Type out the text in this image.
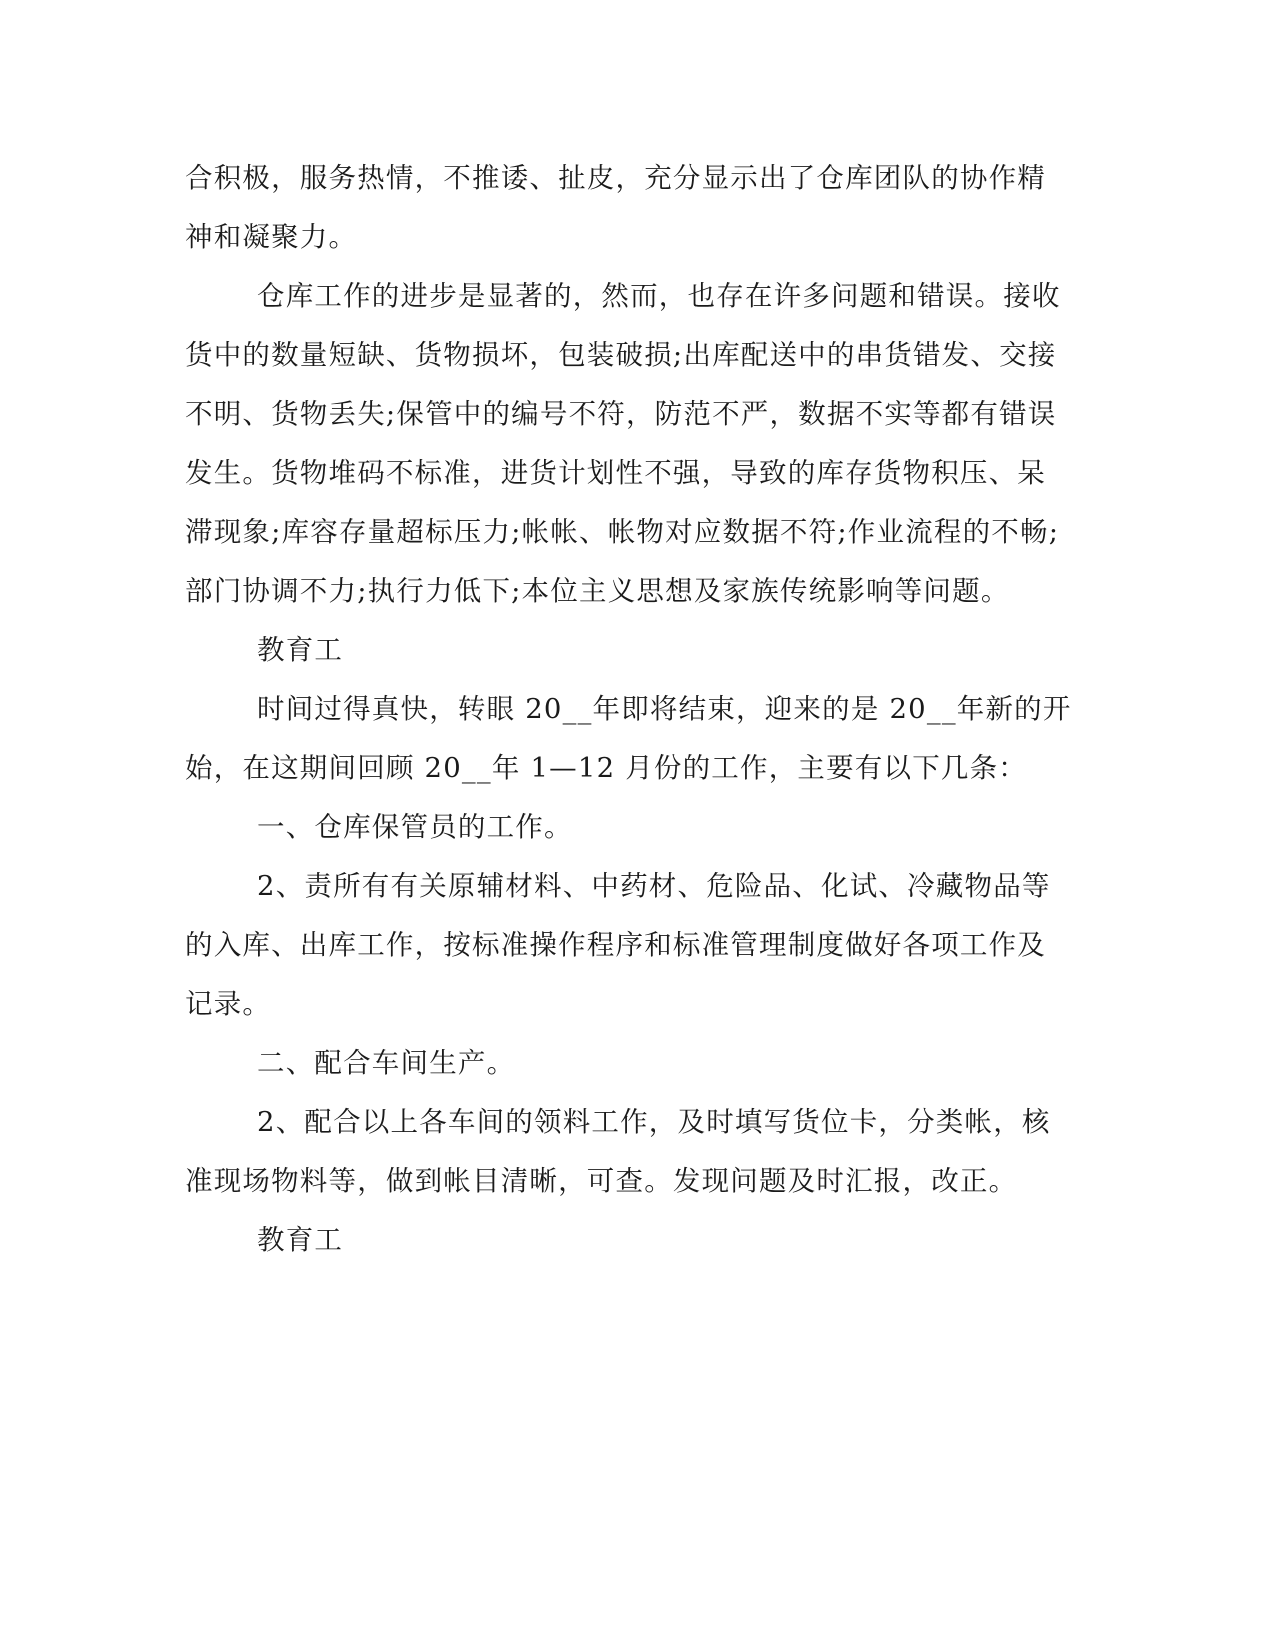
合积极，服务热情，不推诿、扯皮，充分显示出了仓库团队的协作精
神和凝聚力。
仓库工作的进步是显著的，然而，也存在许多问题和错误。接收
货中的数量短缺、货物损坏，包装破损;出库配送中的串货错发、交接
不明、货物丢失;保管中的编号不符，防范不严，数据不实等都有错误
发生。货物堆码不标准，进货计划性不强，导致的库存货物积压、呆
滞现象;库容存量超标压力;帐帐、帐物对应数据不符;作业流程的不畅;
部门协调不力;执行力低下;本位主义思想及家族传统影响等问题。
教育工
时间过得真快，转眼 20__年即将结束，迎来的是 20__年新的开
始，在这期间回顾 20__年 1—12 月份的工作，主要有以下几条：
一、仓库保管员的工作。
2、责所有有关原辅材料、中药材、危险品、化试、冷藏物品等
的入库、出库工作，按标准操作程序和标准管理制度做好各项工作及
记录。
二、配合车间生产。
2、配合以上各车间的领料工作，及时填写货位卡，分类帐，核
准现场物料等，做到帐目清晰，可查。发现问题及时汇报，改正。
教育工
